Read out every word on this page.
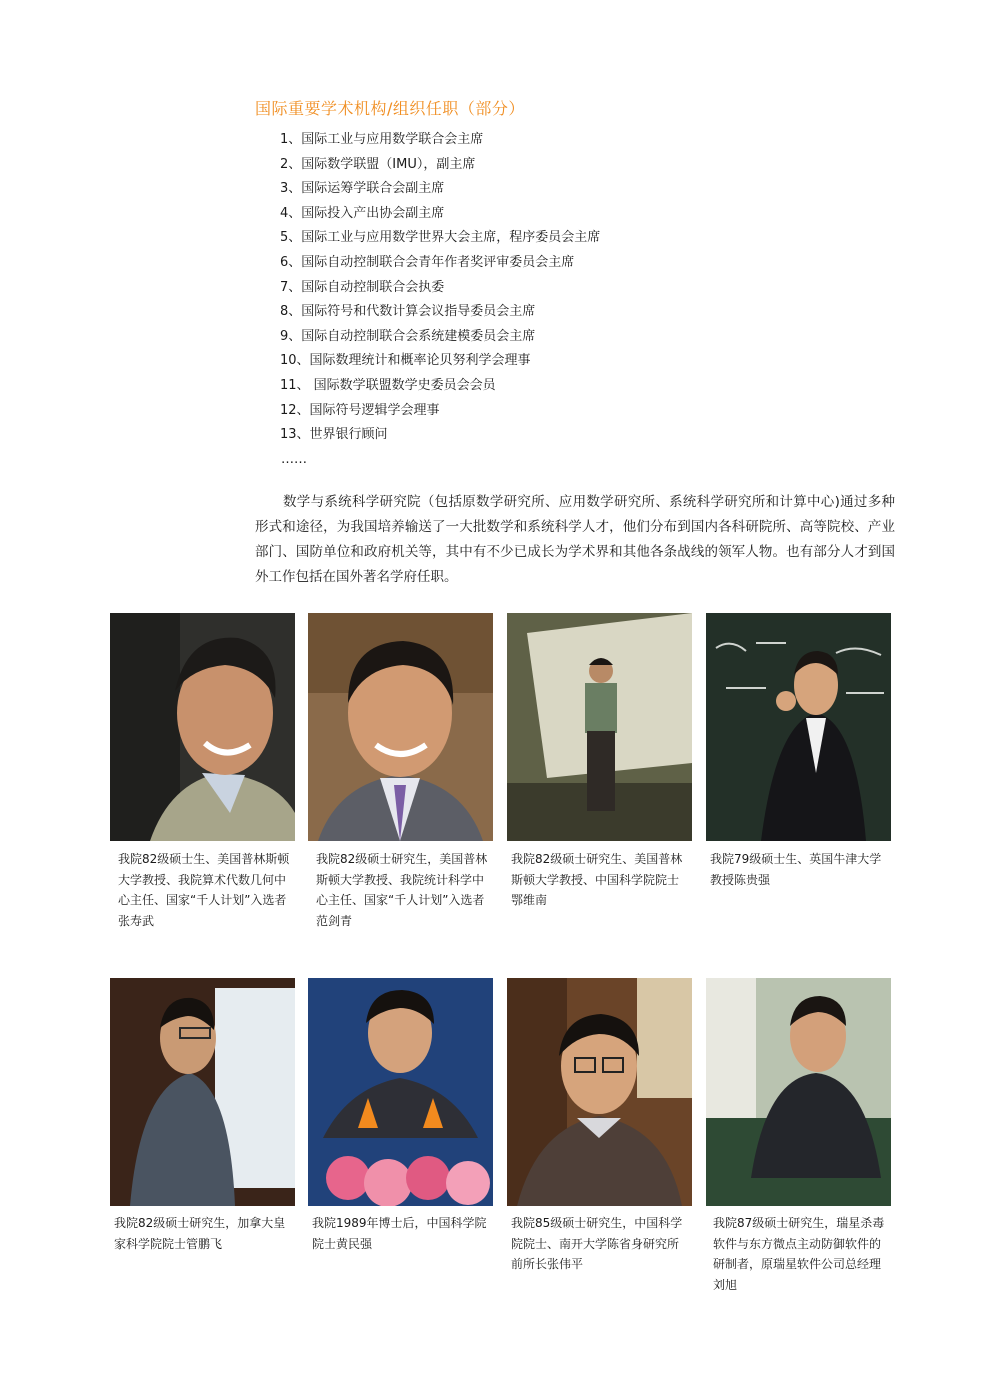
国际重要学术机构/组织任职（部分）
1、国际工业与应用数学联合会主席
2、国际数学联盟（IMU），副主席
3、国际运筹学联合会副主席
4、国际投入产出协会副主席
5、国际工业与应用数学世界大会主席，程序委员会主席
6、国际自动控制联合会青年作者奖评审委员会主席
7、国际自动控制联合会执委
8、国际符号和代数计算会议指导委员会主席
9、国际自动控制联合会系统建模委员会主席
10、国际数理统计和概率论贝努利学会理事
11、 国际数学联盟数学史委员会会员
12、国际符号逻辑学会理事
13、世界银行顾问
……

数学与系统科学研究院（包括原数学研究所、应用数学研究所、系统科学研究所和计算中心)通过多种形式和途径，为我国培养输送了一大批数学和系统科学人才，他们分布到国内各科研院所、高等院校、产业部门、国防单位和政府机关等，其中有不少已成长为学术界和其他各条战线的领军人物。也有部分人才到国外工作包括在国外著名学府任职。

我院82级硕士生、美国普林斯顿大学教授、我院算术代数几何中心主任、国家“千人计划”入选者张寿武

我院82级硕士研究生，美国普林斯顿大学教授、我院统计科学中心主任、国家“千人计划”入选者范剑青

我院82级硕士研究生、美国普林斯顿大学教授、中国科学院院士鄂维南

我院79级硕士生、英国牛津大学教授陈贵强

我院82级硕士研究生，加拿大皇家科学院院士管鹏飞

我院1989年博士后，中国科学院院士黄民强

我院85级硕士研究生，中国科学院院士、南开大学陈省身研究所前所长张伟平

我院87级硕士研究生，瑞星杀毒软件与东方微点主动防御软件的研制者，原瑞星软件公司总经理刘旭
